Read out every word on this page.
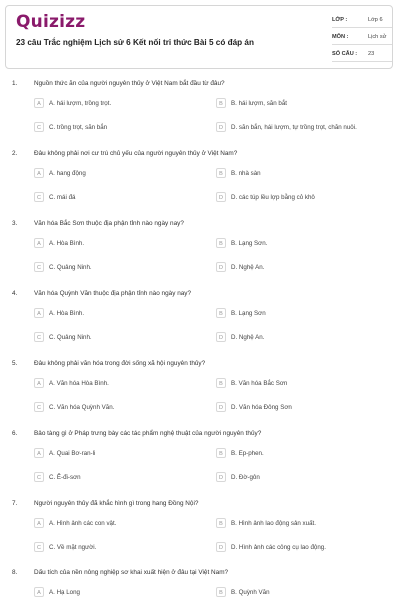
Quizizz
23 câu Trắc nghiệm Lịch sử 6 Kết nối tri thức Bài 5 có đáp án
LỚP :	Lớp 6
MÔN :	Lịch sử
SỐ CÂU : 23
1.	Nguồn thức ăn của người nguyên thủy ở Việt Nam bắt đầu từ đâu?
A	A. hái lượm, trồng trọt.	B	B. hái lượm, săn bắt
C	C. trồng trọt, săn bắn	D	D. săn bắn, hái lượm, tự trồng trọt, chăn nuôi.
2.	Đâu không phải nơi cư trú chủ yếu của người nguyên thủy ở Việt Nam?
A	A. hang động	B	B. nhà sàn
C	C. mái đá	D	D. các túp lều lợp bằng cỏ khô
3.	Văn hóa Bắc Sơn thuộc địa phận tỉnh nào ngày nay?
A	A. Hòa Bình.	B	B. Lạng Sơn.
C	C. Quảng Ninh.	D	D. Nghệ An.
4.	Văn hóa Quỳnh Văn thuộc địa phận tỉnh nào ngày nay?
A	A. Hòa Bình.	B	B. Lạng Sơn
C	C. Quảng Ninh.	D	D. Nghệ An.
5.	Đâu không phải văn hóa trong đời sống xã hội nguyên thủy?
A	A. Văn hóa Hòa Bình.	B	B. Văn hóa Bắc Sơn
C	C. Văn hóa Quỳnh Văn.	D	D. Văn hóa Đông Sơn
6.	Bảo tàng gì ở Pháp trưng bày các tác phẩm nghệ thuật của người nguyên thủy?
A	A. Quai Bơ-ran-li	B	B. Ep-phen.
C	C. Ê-đi-sơn	D	D. Đờ-gôn
7.	Người nguyên thủy đã khắc hình gì trong hang Đồng Nội?
A	A. Hình ảnh các con vật.	B	B. Hình ảnh lao động sản xuất.
C	C. Về mặt người.	D	D. Hình ảnh các công cụ lao động.
8.	Dấu tích của nền nông nghiệp sơ khai xuất hiện ở đâu tại Việt Nam?
A	A. Hạ Long	B	B. Quỳnh Văn
